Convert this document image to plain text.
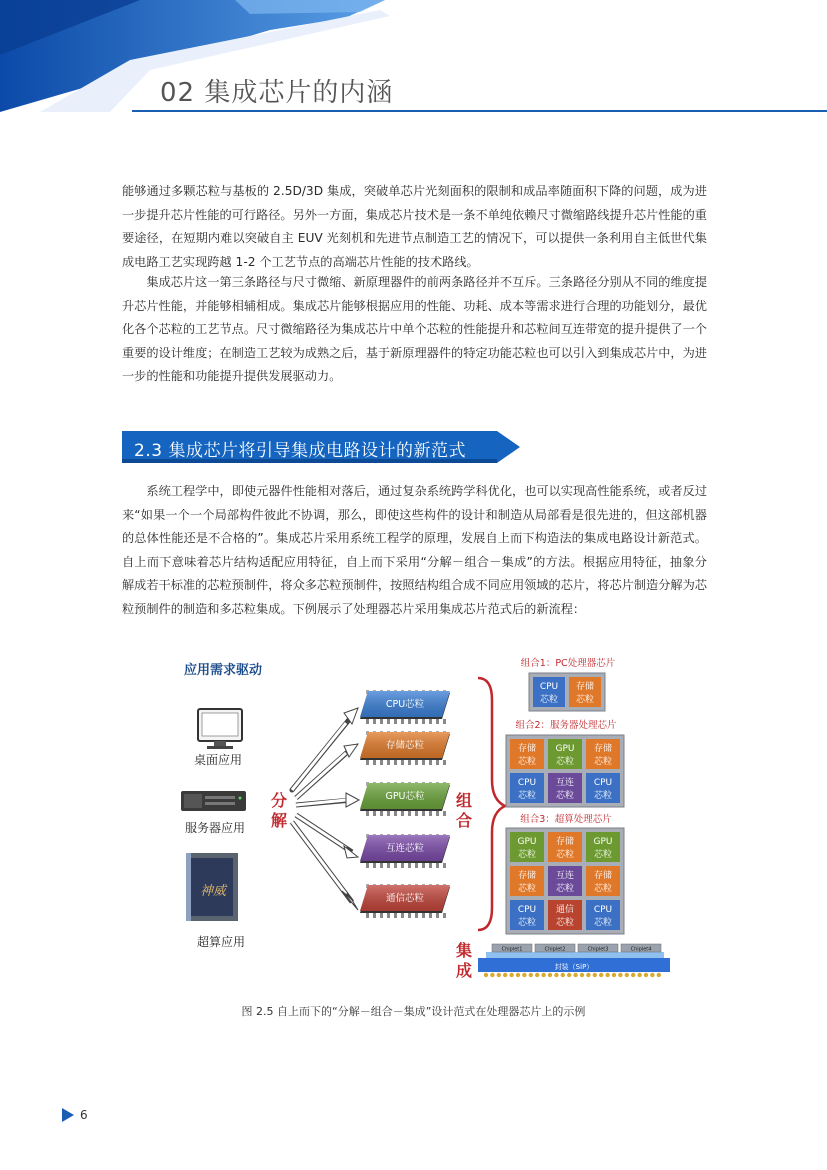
02 集成芯片的内涵

能够通过多颗芯粒与基板的 2.5D/3D 集成，突破单芯片光刻面积的限制和成品率随面积下降的问题，成为进一步提升芯片性能的可行路径。另外一方面，集成芯片技术是一条不单纯依赖尺寸微缩路线提升芯片性能的重要途径，在短期内难以突破自主 EUV 光刻机和先进节点制造工艺的情况下，可以提供一条利用自主低世代集成电路工艺实现跨越 1-2 个工艺节点的高端芯片性能的技术路线。

集成芯片这一第三条路径与尺寸微缩、新原理器件的前两条路径并不互斥。三条路径分别从不同的维度提升芯片性能，并能够相辅相成。集成芯片能够根据应用的性能、功耗、成本等需求进行合理的功能划分，最优化各个芯粒的工艺节点。尺寸微缩路径为集成芯片中单个芯粒的性能提升和芯粒间互连带宽的提升提供了一个重要的设计维度；在制造工艺较为成熟之后，基于新原理器件的特定功能芯粒也可以引入到集成芯片中，为进一步的性能和功能提升提供发展驱动力。

2.3 集成芯片将引导集成电路设计的新范式

系统工程学中，即使元器件性能相对落后，通过复杂系统跨学科优化，也可以实现高性能系统，或者反过来“如果一个一个局部构件彼此不协调，那么，即使这些构件的设计和制造从局部看是很先进的，但这部机器的总体性能还是不合格的”。集成芯片采用系统工程学的原理，发展自上而下构造法的集成电路设计新范式。自上而下意味着芯片结构适配应用特征，自上而下采用“分解－组合－集成”的方法。根据应用特征，抽象分解成若干标准的芯粒预制件，将众多芯粒预制件，按照结构组合成不同应用领域的芯片，将芯片制造分解为芯粒预制件的制造和多芯粒集成。下例展示了处理器芯片采用集成芯片范式后的新流程：

应用需求驱动
桌面应用
服务器应用
神威
超算应用
分
解
CPU芯粒
存储芯粒
GPU芯粒
互连芯粒
通信芯粒
组
合
组合1：PC处理器芯片
CPU
芯粒
存储
芯粒
组合2：服务器处理芯片
存储
芯粒
GPU
芯粒
存储
芯粒
CPU
芯粒
互连
芯粒
CPU
芯粒
组合3：超算处理芯片
GPU
芯粒
存储
芯粒
GPU
芯粒
存储
芯粒
互连
芯粒
存储
芯粒
CPU
芯粒
通信
芯粒
CPU
芯粒
集
成
Chiplet1	Chiplet2	Chiplet3	Chiplet4
封装（SiP）
图 2.5 自上而下的“分解－组合－集成”设计范式在处理器芯片上的示例
6
